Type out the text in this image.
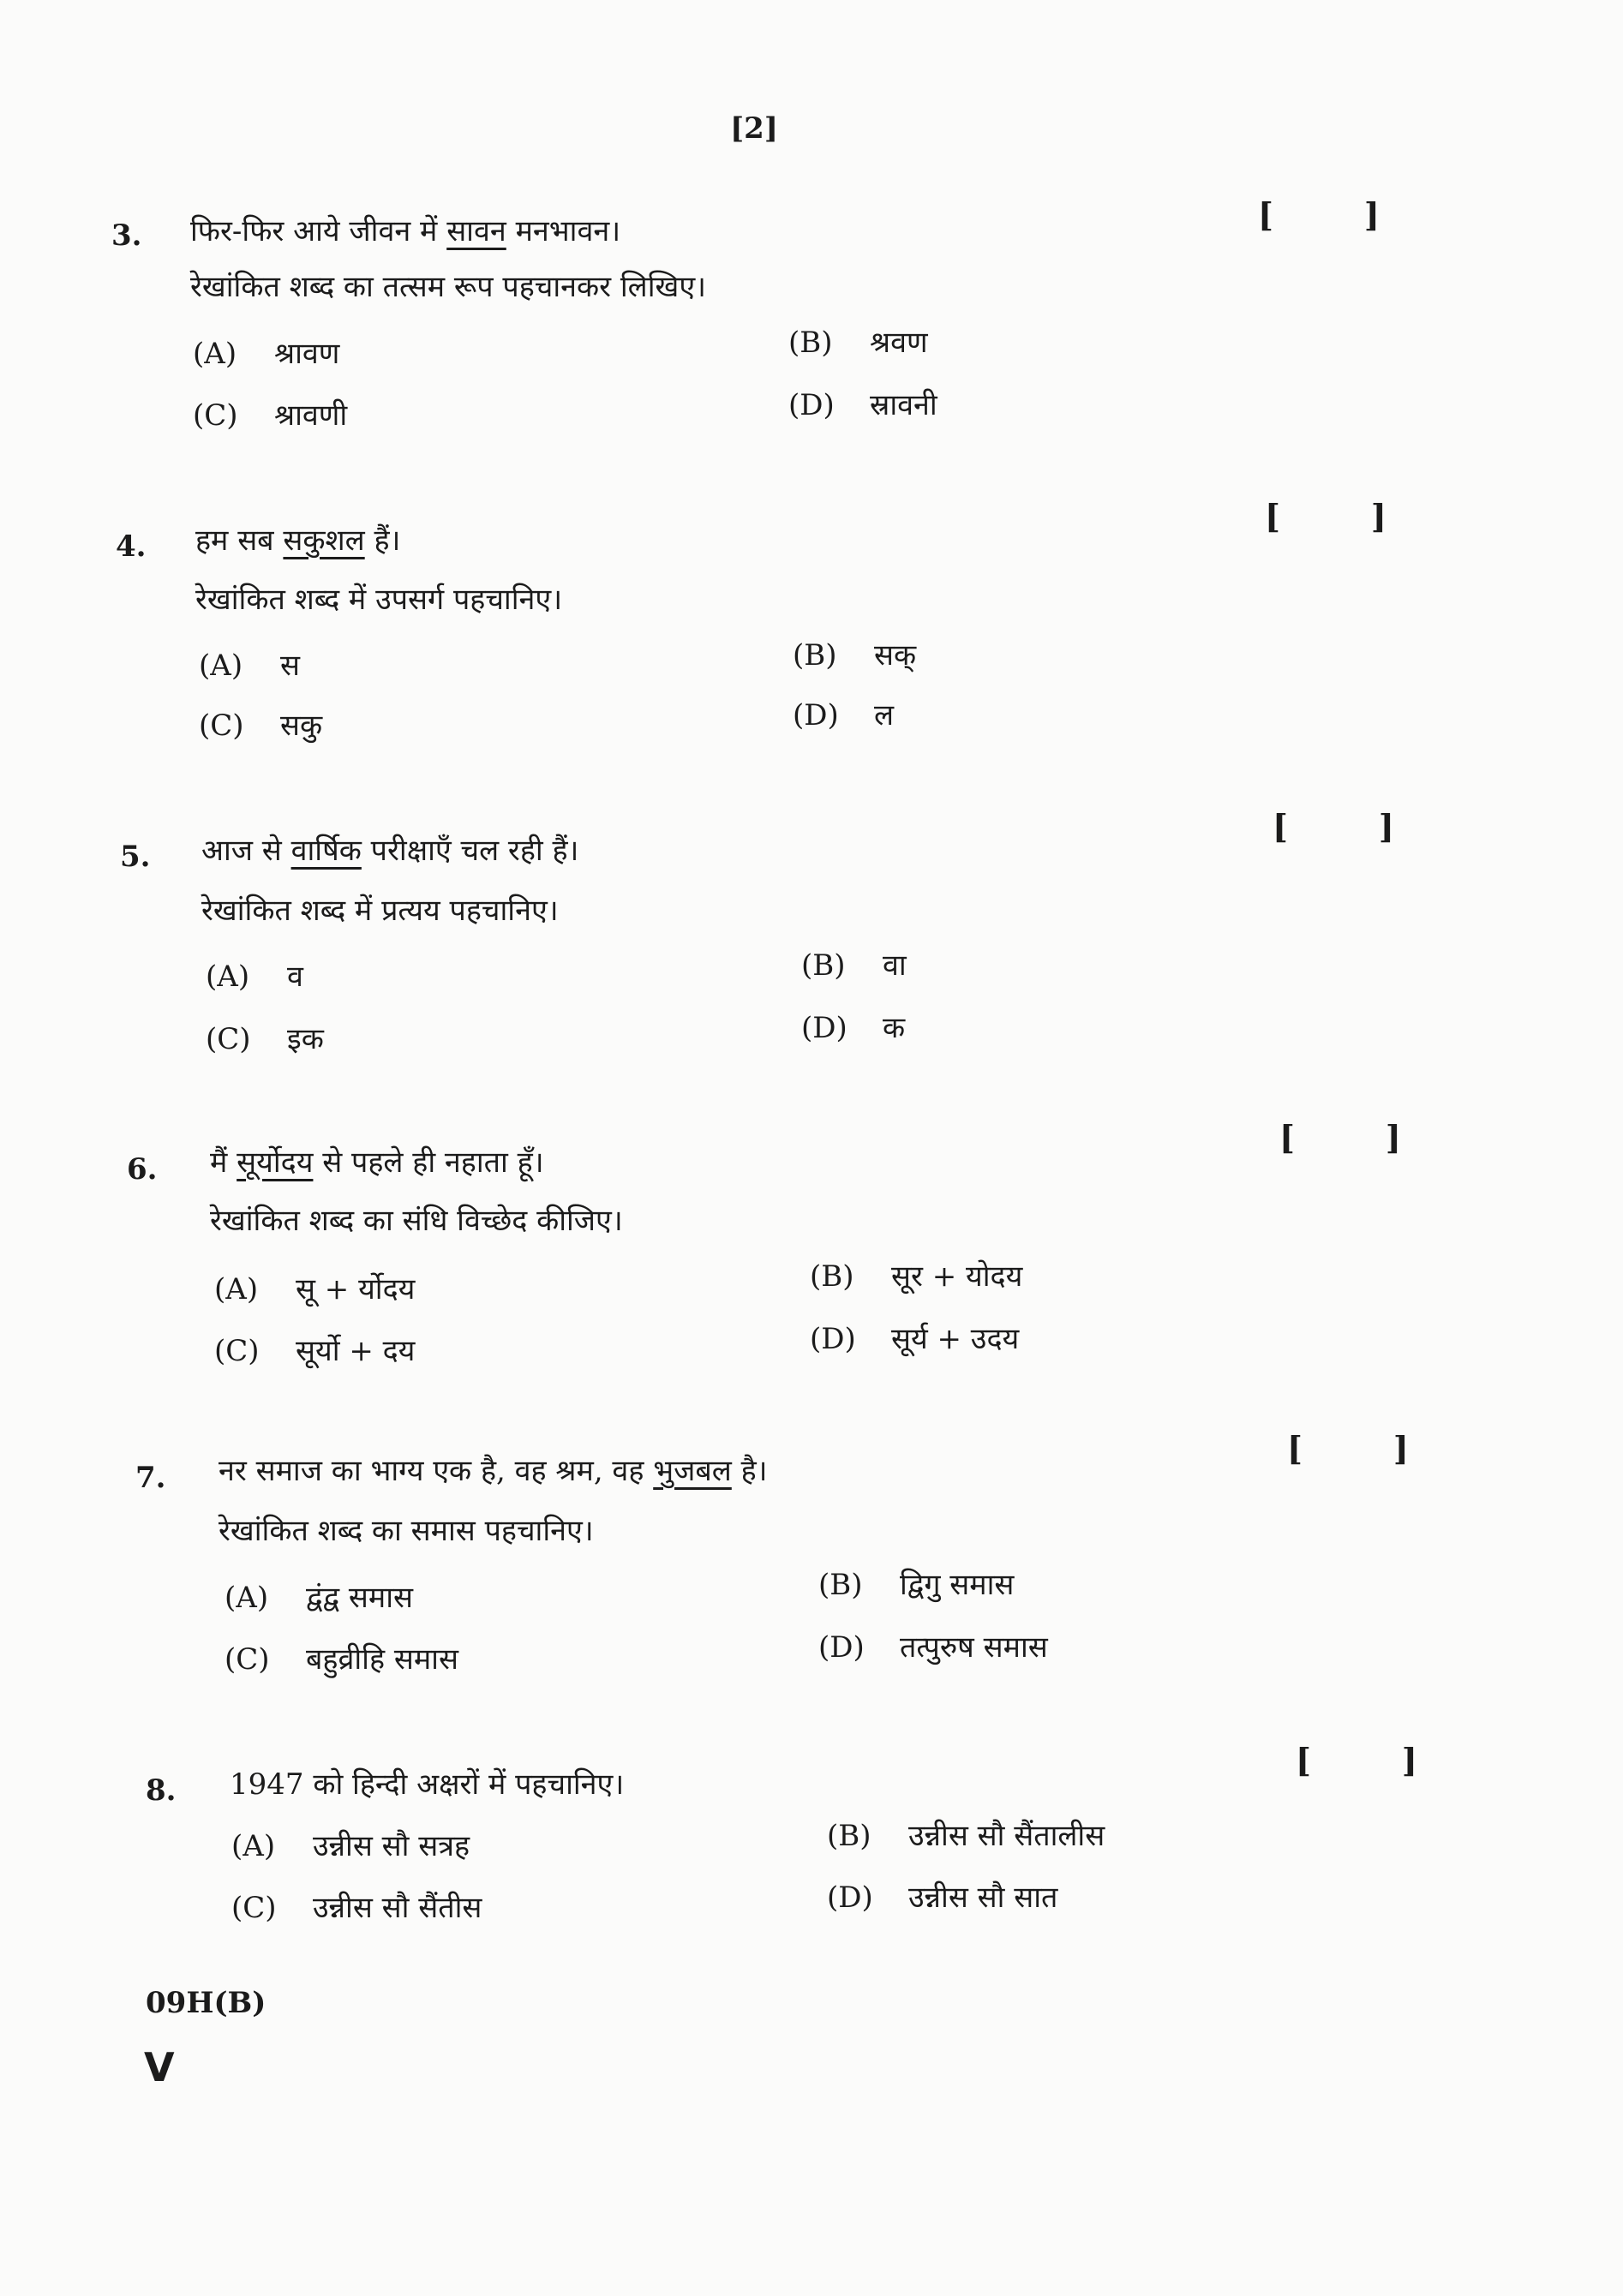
[2]
3. फिर-फिर आये जीवन में सावन मनभावन।
रेखांकित शब्द का तत्सम रूप पहचानकर लिखिए।
[        ]
(A) श्रावण	(B) श्रवण
(C) श्रावणी	(D) स्रावनी
4. हम सब सकुशल हैं।
रेखांकित शब्द में उपसर्ग पहचानिए।
[        ]
(A) स	(B) सक्
(C) सकु	(D) ल
5. आज से वार्षिक परीक्षाएँ चल रही हैं।
रेखांकित शब्द में प्रत्यय पहचानिए।
[        ]
(A) व	(B) वा
(C) इक	(D) क
6. मैं सूर्योदय से पहले ही नहाता हूँ।
रेखांकित शब्द का संधि विच्छेद कीजिए।
[        ]
(A) सू + र्योदय	(B) सूर + योदय
(C) सूर्यो + दय	(D) सूर्य + उदय
7. नर समाज का भाग्य एक है, वह श्रम, वह भुजबल है।
रेखांकित शब्द का समास पहचानिए।
[        ]
(A) द्वंद्व समास	(B) द्विगु समास
(C) बहुव्रीहि समास	(D) तत्पुरुष समास
8. 1947 को हिन्दी अक्षरों में पहचानिए।
[        ]
(A) उन्नीस सौ सत्रह	(B) उन्नीस सौ सैंतालीस
(C) उन्नीस सौ सैंतीस	(D) उन्नीस सौ सात
09H(B)
V
